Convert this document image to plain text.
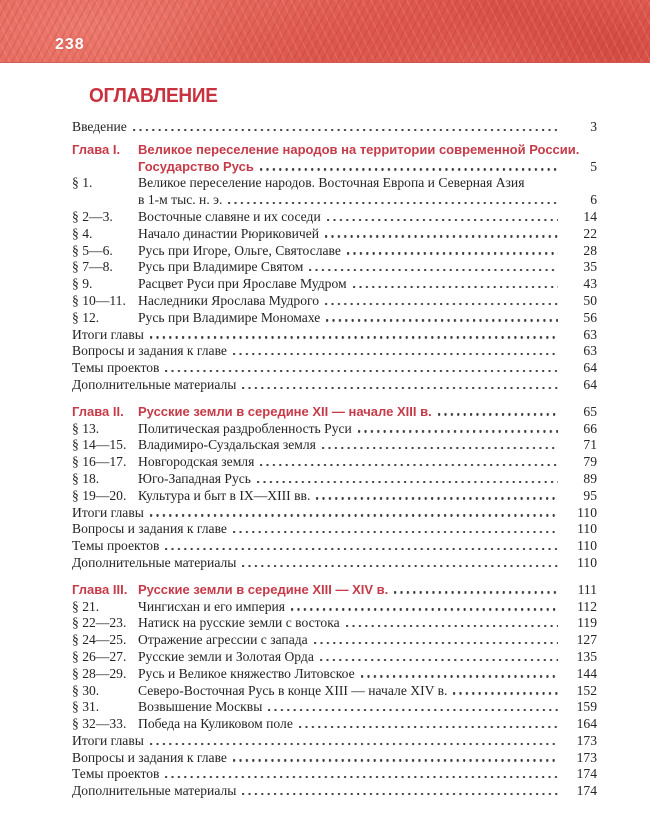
238
ОГЛАВЛЕНИЕ
Введение	3
Глава I.	Великое переселение народов на территории современной России.
Государство Русь	5
§ 1.	Великое переселение народов. Восточная Европа и Северная Азия
в 1-м тыс. н. э.	6
§ 2—3.	Восточные славяне и их соседи	14
§ 4.	Начало династии Рюриковичей	22
§ 5—6.	Русь при Игоре, Ольге, Святославе	28
§ 7—8.	Русь при Владимире Святом	35
§ 9.	Расцвет Руси при Ярославе Мудром	43
§ 10—11. Наследники Ярослава Мудрого	50
§ 12.	Русь при Владимире Мономахе	56
Итоги главы	63
Вопросы и задания к главе	63
Темы проектов	64
Дополнительные материалы	64
Глава II.	Русские земли в середине XII — начале XIII в.	65
§ 13.	Политическая раздробленность Руси	66
§ 14—15. Владимиро-Суздальская земля	71
§ 16—17. Новгородская земля	79
§ 18.	Юго-Западная Русь	89
§ 19—20. Культура и быт в IX—XIII вв.	95
Итоги главы	110
Вопросы и задания к главе	110
Темы проектов	110
Дополнительные материалы	110
Глава III. Русские земли в середине XIII — XIV в.	111
§ 21.	Чингисхан и его империя	112
§ 22—23. Натиск на русские земли с востока	119
§ 24—25. Отражение агрессии с запада	127
§ 26—27. Русские земли и Золотая Орда	135
§ 28—29. Русь и Великое княжество Литовское	144
§ 30.	Северо-Восточная Русь в конце XIII — начале XIV в.	152
§ 31.	Возвышение Москвы	159
§ 32—33. Победа на Куликовом поле	164
Итоги главы	173
Вопросы и задания к главе	173
Темы проектов	174
Дополнительные материалы	174
